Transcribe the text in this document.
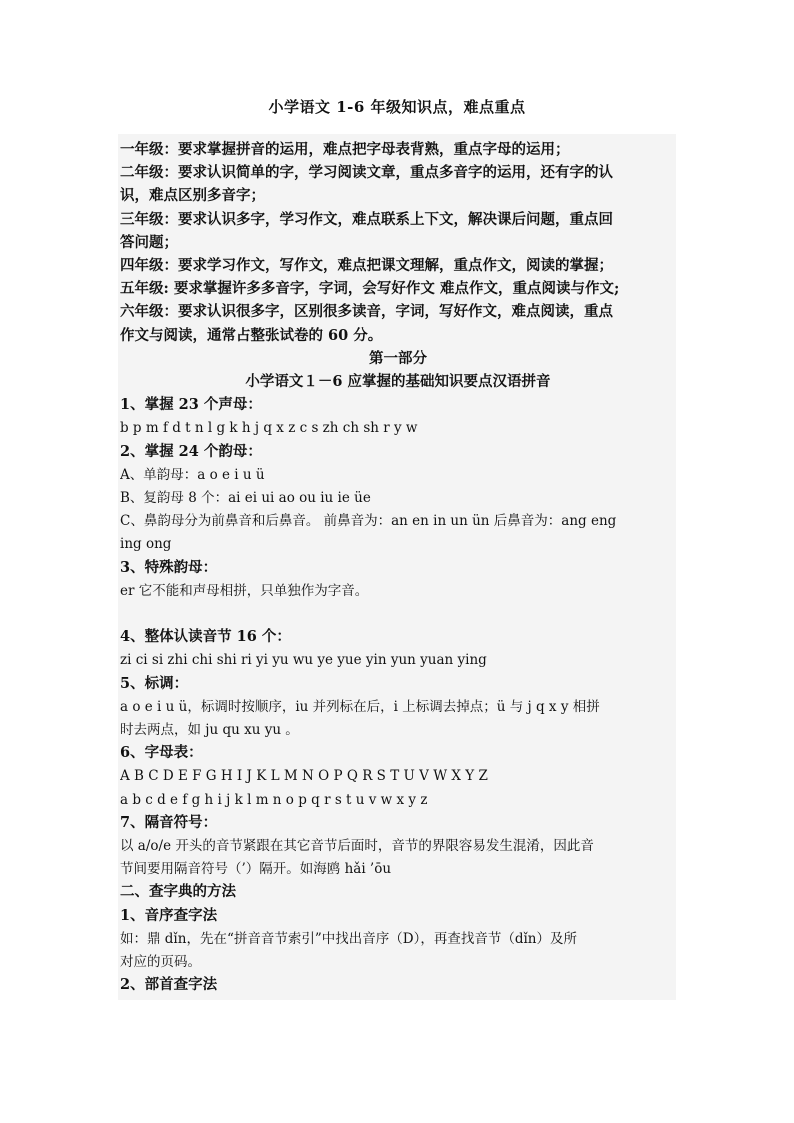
小学语文 1-6 年级知识点，难点重点
一年级：要求掌握拼音的运用，难点把字母表背熟，重点字母的运用；
二年级：要求认识简单的字，学习阅读文章，重点多音字的运用，还有字的认
识，难点区别多音字；
三年级：要求认识多字，学习作文，难点联系上下文，解决课后问题，重点回
答问题；
四年级：要求学习作文，写作文，难点把课文理解，重点作文，阅读的掌握；
五年级: 要求掌握许多多音字，字词，会写好作文 难点作文，重点阅读与作文;
六年级：要求认识很多字，区别很多读音，字词，写好作文，难点阅读，重点
作文与阅读，通常占整张试卷的 60 分。
第一部分
小学语文１－6 应掌握的基础知识要点汉语拼音
1、掌握 23 个声母：
b p m f d t n l g k h j q x z c s zh ch sh r y w
2、掌握 24 个韵母：
A、单韵母：a o e i u ü
B、复韵母 8 个：ai ei ui ao ou iu ie üe
C、鼻韵母分为前鼻音和后鼻音。 前鼻音为：an en in un ün 后鼻音为：ang eng
ing ong
3、特殊韵母：
er 它不能和声母相拼，只单独作为字音。
4、整体认读音节 16 个：
zi ci si zhi chi shi ri yi yu wu ye yue yin yun yuan ying
5、标调：
a o e i u ü，标调时按顺序，iu 并列标在后，i 上标调去掉点；ü 与 j q x y 相拼
时去两点，如 ju qu xu yu 。
6、字母表：
A B C D E F G H I J K L M N O P Q R S T U V W X Y Z
a b c d e f g h i j k l m n o p q r s t u v w x y z
7、隔音符号：
以 a/o/e 开头的音节紧跟在其它音节后面时，音节的界限容易发生混淆，因此音
节间要用隔音符号（’）隔开。如海鸥 hǎi ’ōu
二、查字典的方法
1、音序查字法
如：鼎 dǐn，先在“拼音音节索引”中找出音序（D），再查找音节（dǐn）及所
对应的页码。
2、部首查字法
